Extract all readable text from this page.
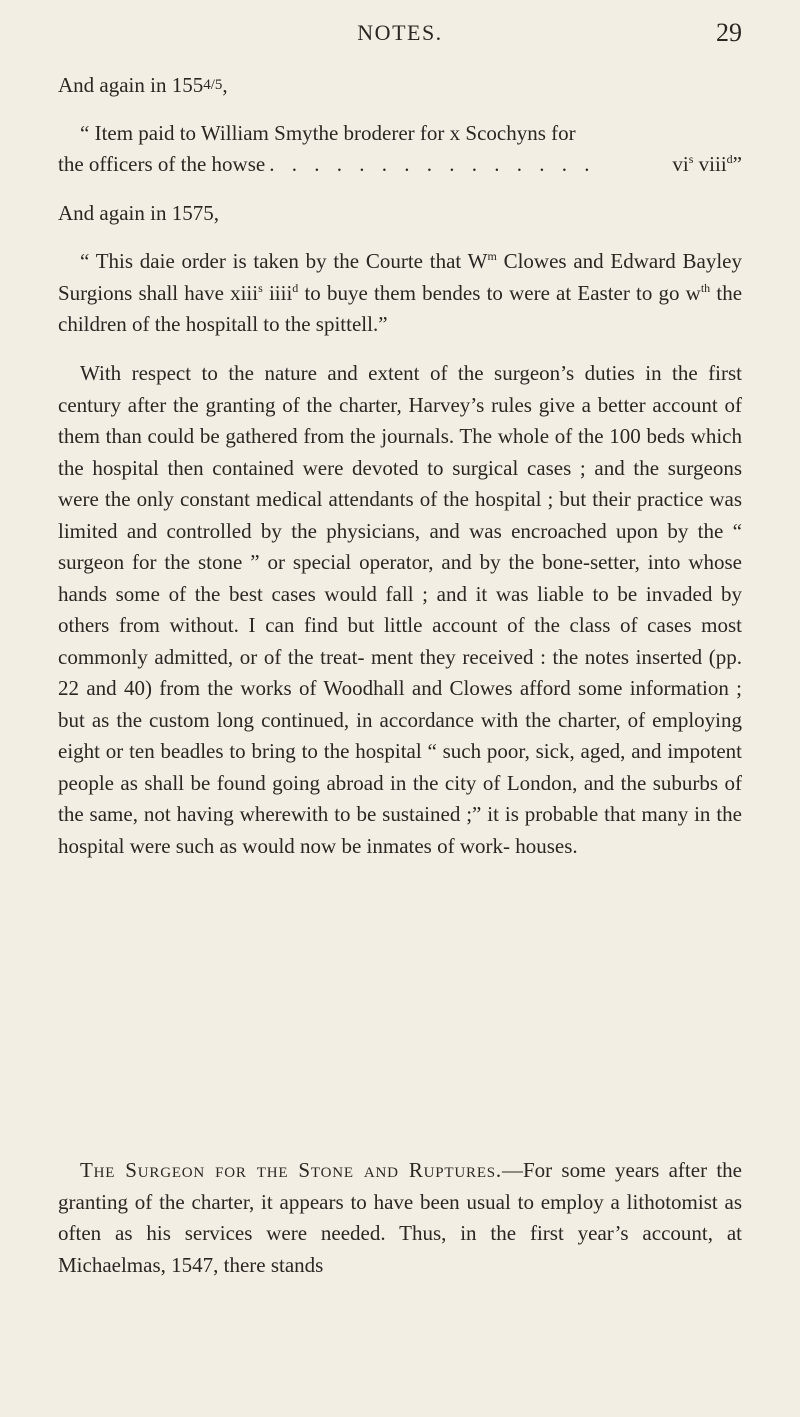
NOTES.	29

And again in 1554/5,

“ Item paid to William Smythe broderer for x Scochyns for

the officers of the howse . . . . . . . . . . . . . . .	$vi^s$ viii$^d$”

And again in 1575,

“ This daie order is taken by the Courte that $W^m$ Clowes and Edward Bayley Surgions shall have xiii$^s$ iiii$^d$ to buye them bendes to were at Easter to go $w^{th}$ the children of the hospitall to the spittell.”

With respect to the nature and extent of the surgeon’s duties in the first century after the granting of the charter, Harvey’s rules give a better account of them than could be gathered from the journals. The whole of the 100 beds which the hospital then contained were devoted to surgical cases ; and the surgeons were the only constant medical attendants of the hospital ; but their practice was limited and controlled by the physicians, and was encroached upon by the “ surgeon for the stone ” or special operator, and by the bone-setter, into whose hands some of the best cases would fall ; and it was liable to be invaded by others from without. I can find but little account of the class of cases most commonly admitted, or of the treat- ment they received : the notes inserted (pp. 22 and 40) from the works of Woodhall and Clowes afford some information ; but as the custom long continued, in accordance with the charter, of employing eight or ten beadles to bring to the hospital “ such poor, sick, aged, and impotent people as shall be found going abroad in the city of London, and the suburbs of the same, not having wherewith to be sustained ;” it is probable that many in the hospital were such as would now be inmates of work- houses.

The Surgeon for the Stone and Ruptures.—For some years after the granting of the charter, it appears to have been usual to employ a lithotomist as often as his services were needed. Thus, in the first year’s account, at Michaelmas, 1547, there stands
